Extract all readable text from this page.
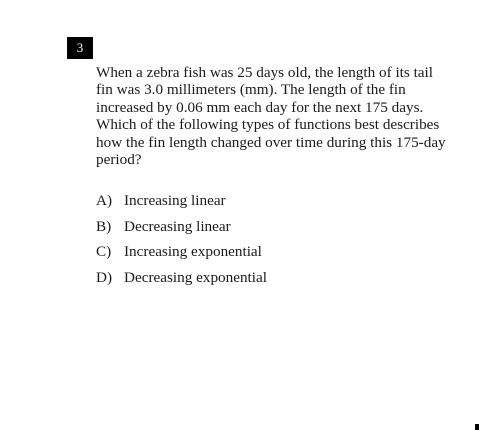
3

When a zebra fish was 25 days old, the length of its tail fin was 3.0 millimeters (mm). The length of the fin increased by 0.06 mm each day for the next 175 days. Which of the following types of functions best describes how the fin length changed over time during this 175-day period?

A) Increasing linear
B) Decreasing linear
C) Increasing exponential
D) Decreasing exponential
